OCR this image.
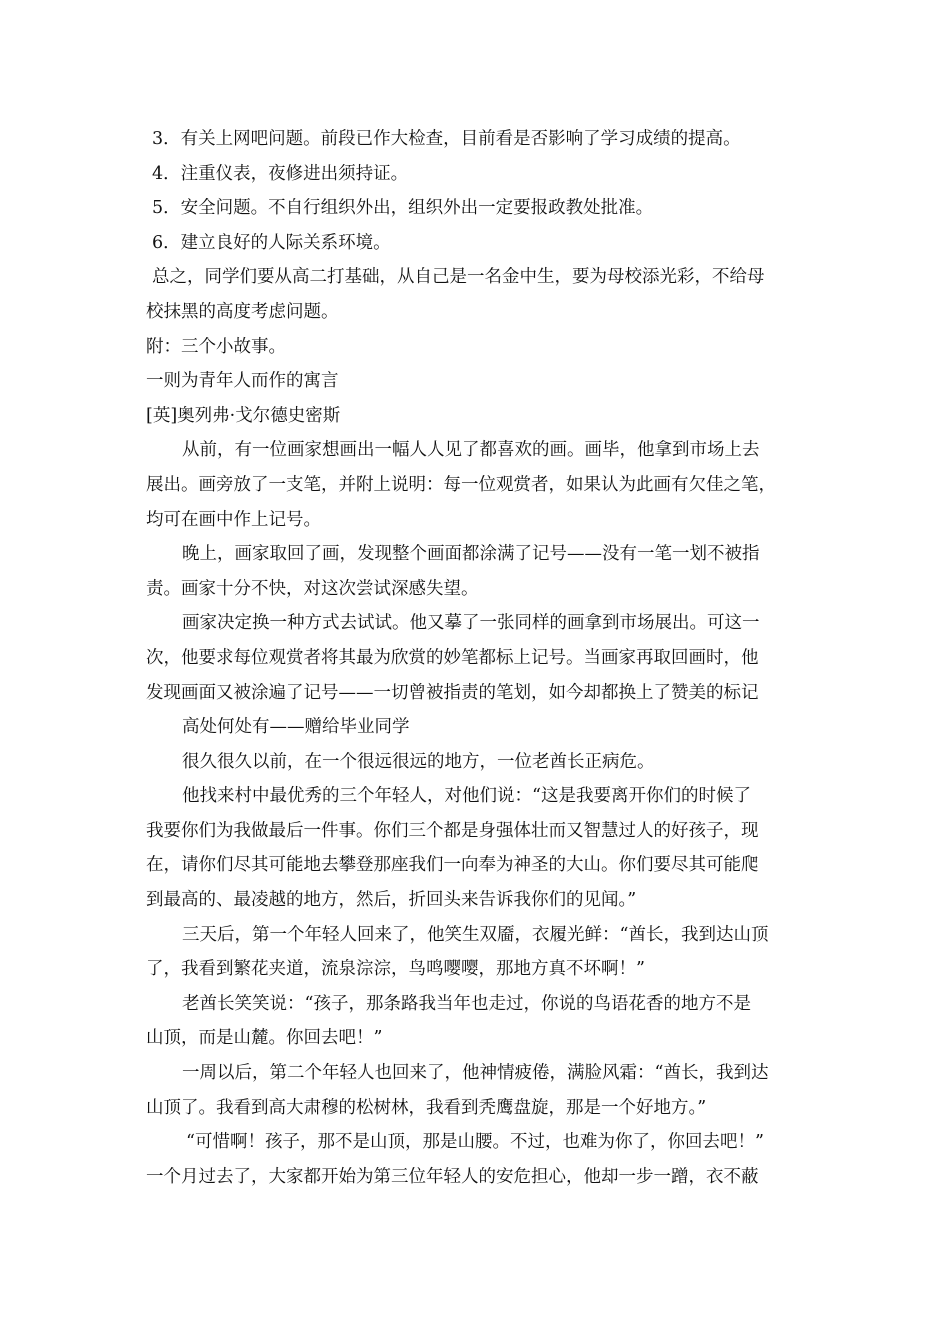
3．有关上网吧问题。前段已作大检查，目前看是否影响了学习成绩的提高。
4．注重仪表，夜修进出须持证。
5．安全问题。不自行组织外出，组织外出一定要报政教处批准。
6．建立良好的人际关系环境。
总之，同学们要从高二打基础，从自己是一名金中生，要为母校添光彩，不给母
校抹黑的高度考虑问题。
附：三个小故事。
一则为青年人而作的寓言
[英]奥列弗·戈尔德史密斯
从前，有一位画家想画出一幅人人见了都喜欢的画。画毕，他拿到市场上去
展出。画旁放了一支笔，并附上说明：每一位观赏者，如果认为此画有欠佳之笔，
均可在画中作上记号。
晚上，画家取回了画，发现整个画面都涂满了记号——没有一笔一划不被指
责。画家十分不快，对这次尝试深感失望。
画家决定换一种方式去试试。他又摹了一张同样的画拿到市场展出。可这一
次，他要求每位观赏者将其最为欣赏的妙笔都标上记号。当画家再取回画时，他
发现画面又被涂遍了记号——一切曾被指责的笔划，如今却都换上了赞美的标记
高处何处有——赠给毕业同学
很久很久以前，在一个很远很远的地方，一位老酋长正病危。
他找来村中最优秀的三个年轻人，对他们说：“这是我要离开你们的时候了
我要你们为我做最后一件事。你们三个都是身强体壮而又智慧过人的好孩子，现
在，请你们尽其可能地去攀登那座我们一向奉为神圣的大山。你们要尽其可能爬
到最高的、最凌越的地方，然后，折回头来告诉我你们的见闻。”
三天后，第一个年轻人回来了，他笑生双靥，衣履光鲜：“酋长，我到达山顶
了，我看到繁花夹道，流泉淙淙，鸟鸣嘤嘤，那地方真不坏啊！”
老酋长笑笑说：“孩子，那条路我当年也走过，你说的鸟语花香的地方不是
山顶，而是山麓。你回去吧！”
一周以后，第二个年轻人也回来了，他神情疲倦，满脸风霜：“酋长，我到达
山顶了。我看到高大肃穆的松树林，我看到秃鹰盘旋，那是一个好地方。”
“可惜啊！孩子，那不是山顶，那是山腰。不过，也难为你了，你回去吧！”
一个月过去了，大家都开始为第三位年轻人的安危担心，他却一步一蹭，衣不蔽
